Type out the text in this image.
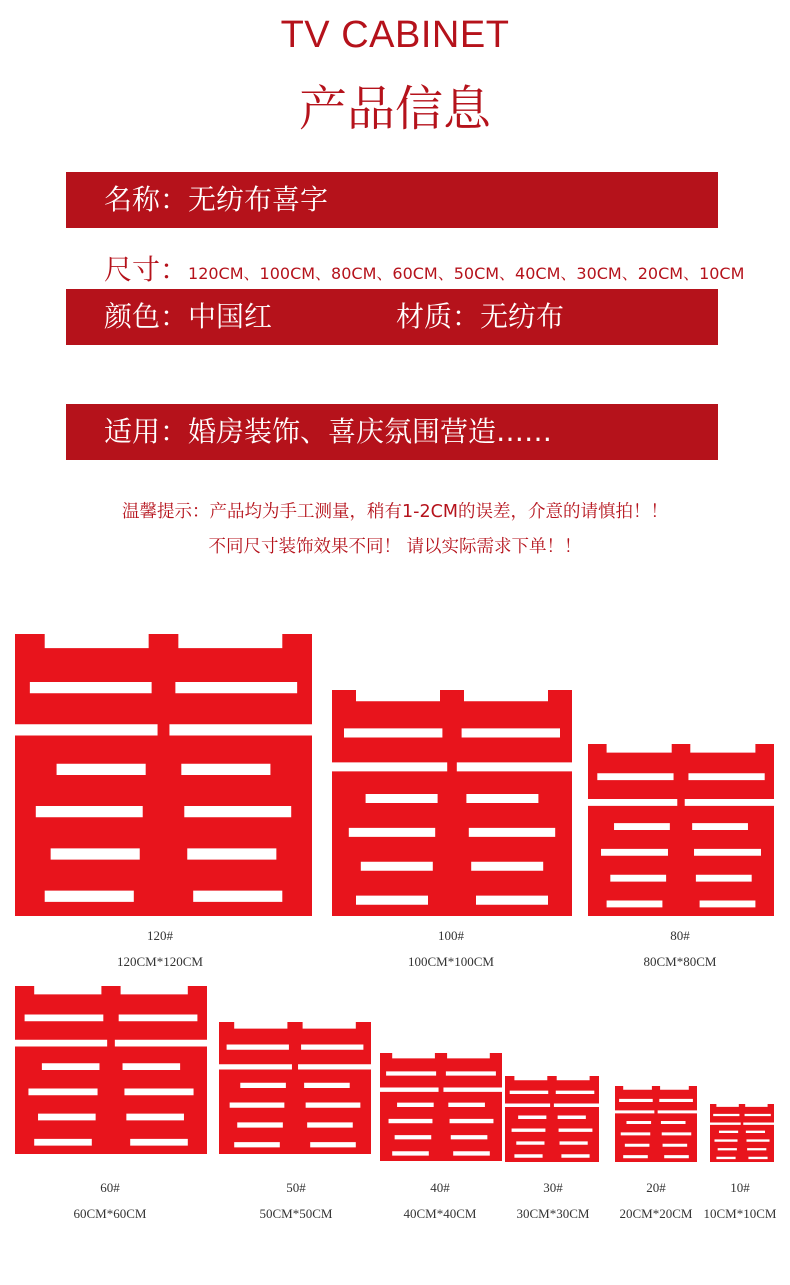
TV CABINET
产品信息
名称：无纺布喜字
尺寸：120CM、100CM、80CM、60CM、50CM、40CM、30CM、20CM、10CM
颜色：中国红	材质：无纺布
适用：婚房装饰、喜庆氛围营造……
温馨提示：产品均为手工测量，稍有1-2CM的误差，介意的请慎拍！！
不同尺寸装饰效果不同！ 请以实际需求下单！！
120#
120CM*120CM
100#
100CM*100CM
80#
80CM*80CM
60#
60CM*60CM
50#
50CM*50CM
40#
40CM*40CM
30#
30CM*30CM
20#
20CM*20CM
10#
10CM*10CM
